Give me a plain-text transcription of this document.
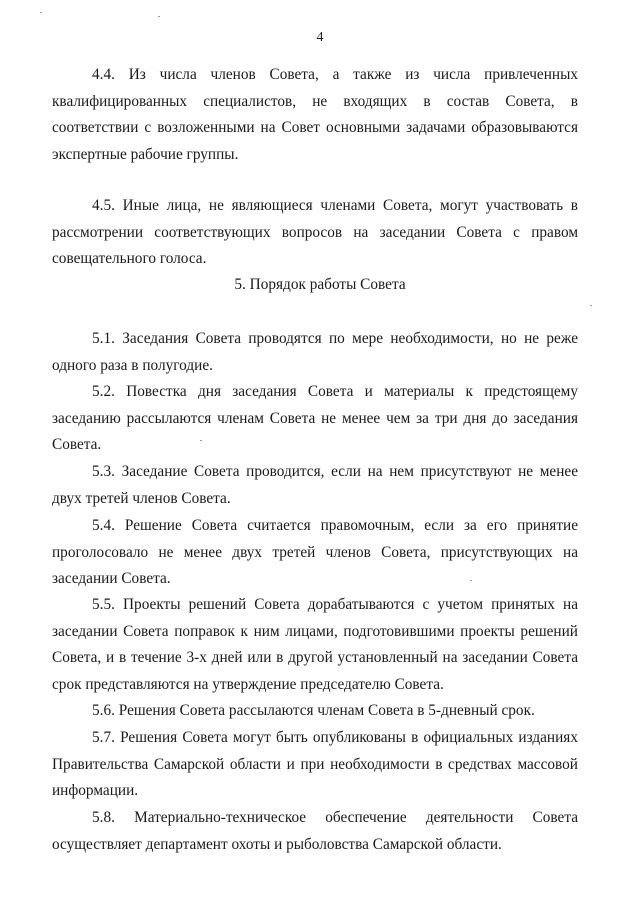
4

4.4. Из числа членов Совета, а также из числа привлеченных квалифицированных специалистов, не входящих в состав Совета, в соответствии с возложенными на Совет основными задачами образовываются экспертные рабочие группы.

4.5. Иные лица, не являющиеся членами Совета, могут участвовать в рассмотрении соответствующих вопросов на заседании Совета с правом совещательного голоса.

5. Порядок работы Совета

5.1. Заседания Совета проводятся по мере необходимости, но не реже одного раза в полугодие.

5.2. Повестка дня заседания Совета и материалы к предстоящему заседанию рассылаются членам Совета не менее чем за три дня до заседания Совета.

5.3. Заседание Совета проводится, если на нем присутствуют не менее двух третей членов Совета.

5.4. Решение Совета считается правомочным, если за его принятие проголосовало не менее двух третей членов Совета, присутствующих на заседании Совета.

5.5. Проекты решений Совета дорабатываются с учетом принятых на заседании Совета поправок к ним лицами, подготовившими проекты решений Совета, и в течение 3-х дней или в другой установленный на заседании Совета срок представляются на утверждение председателю Совета.

5.6. Решения Совета рассылаются членам Совета в 5-дневный срок.

5.7. Решения Совета могут быть опубликованы в официальных изданиях Правительства Самарской области и при необходимости в средствах массовой информации.

5.8. Материально-техническое обеспечение деятельности Совета осуществляет департамент охоты и рыболовства Самарской области.
